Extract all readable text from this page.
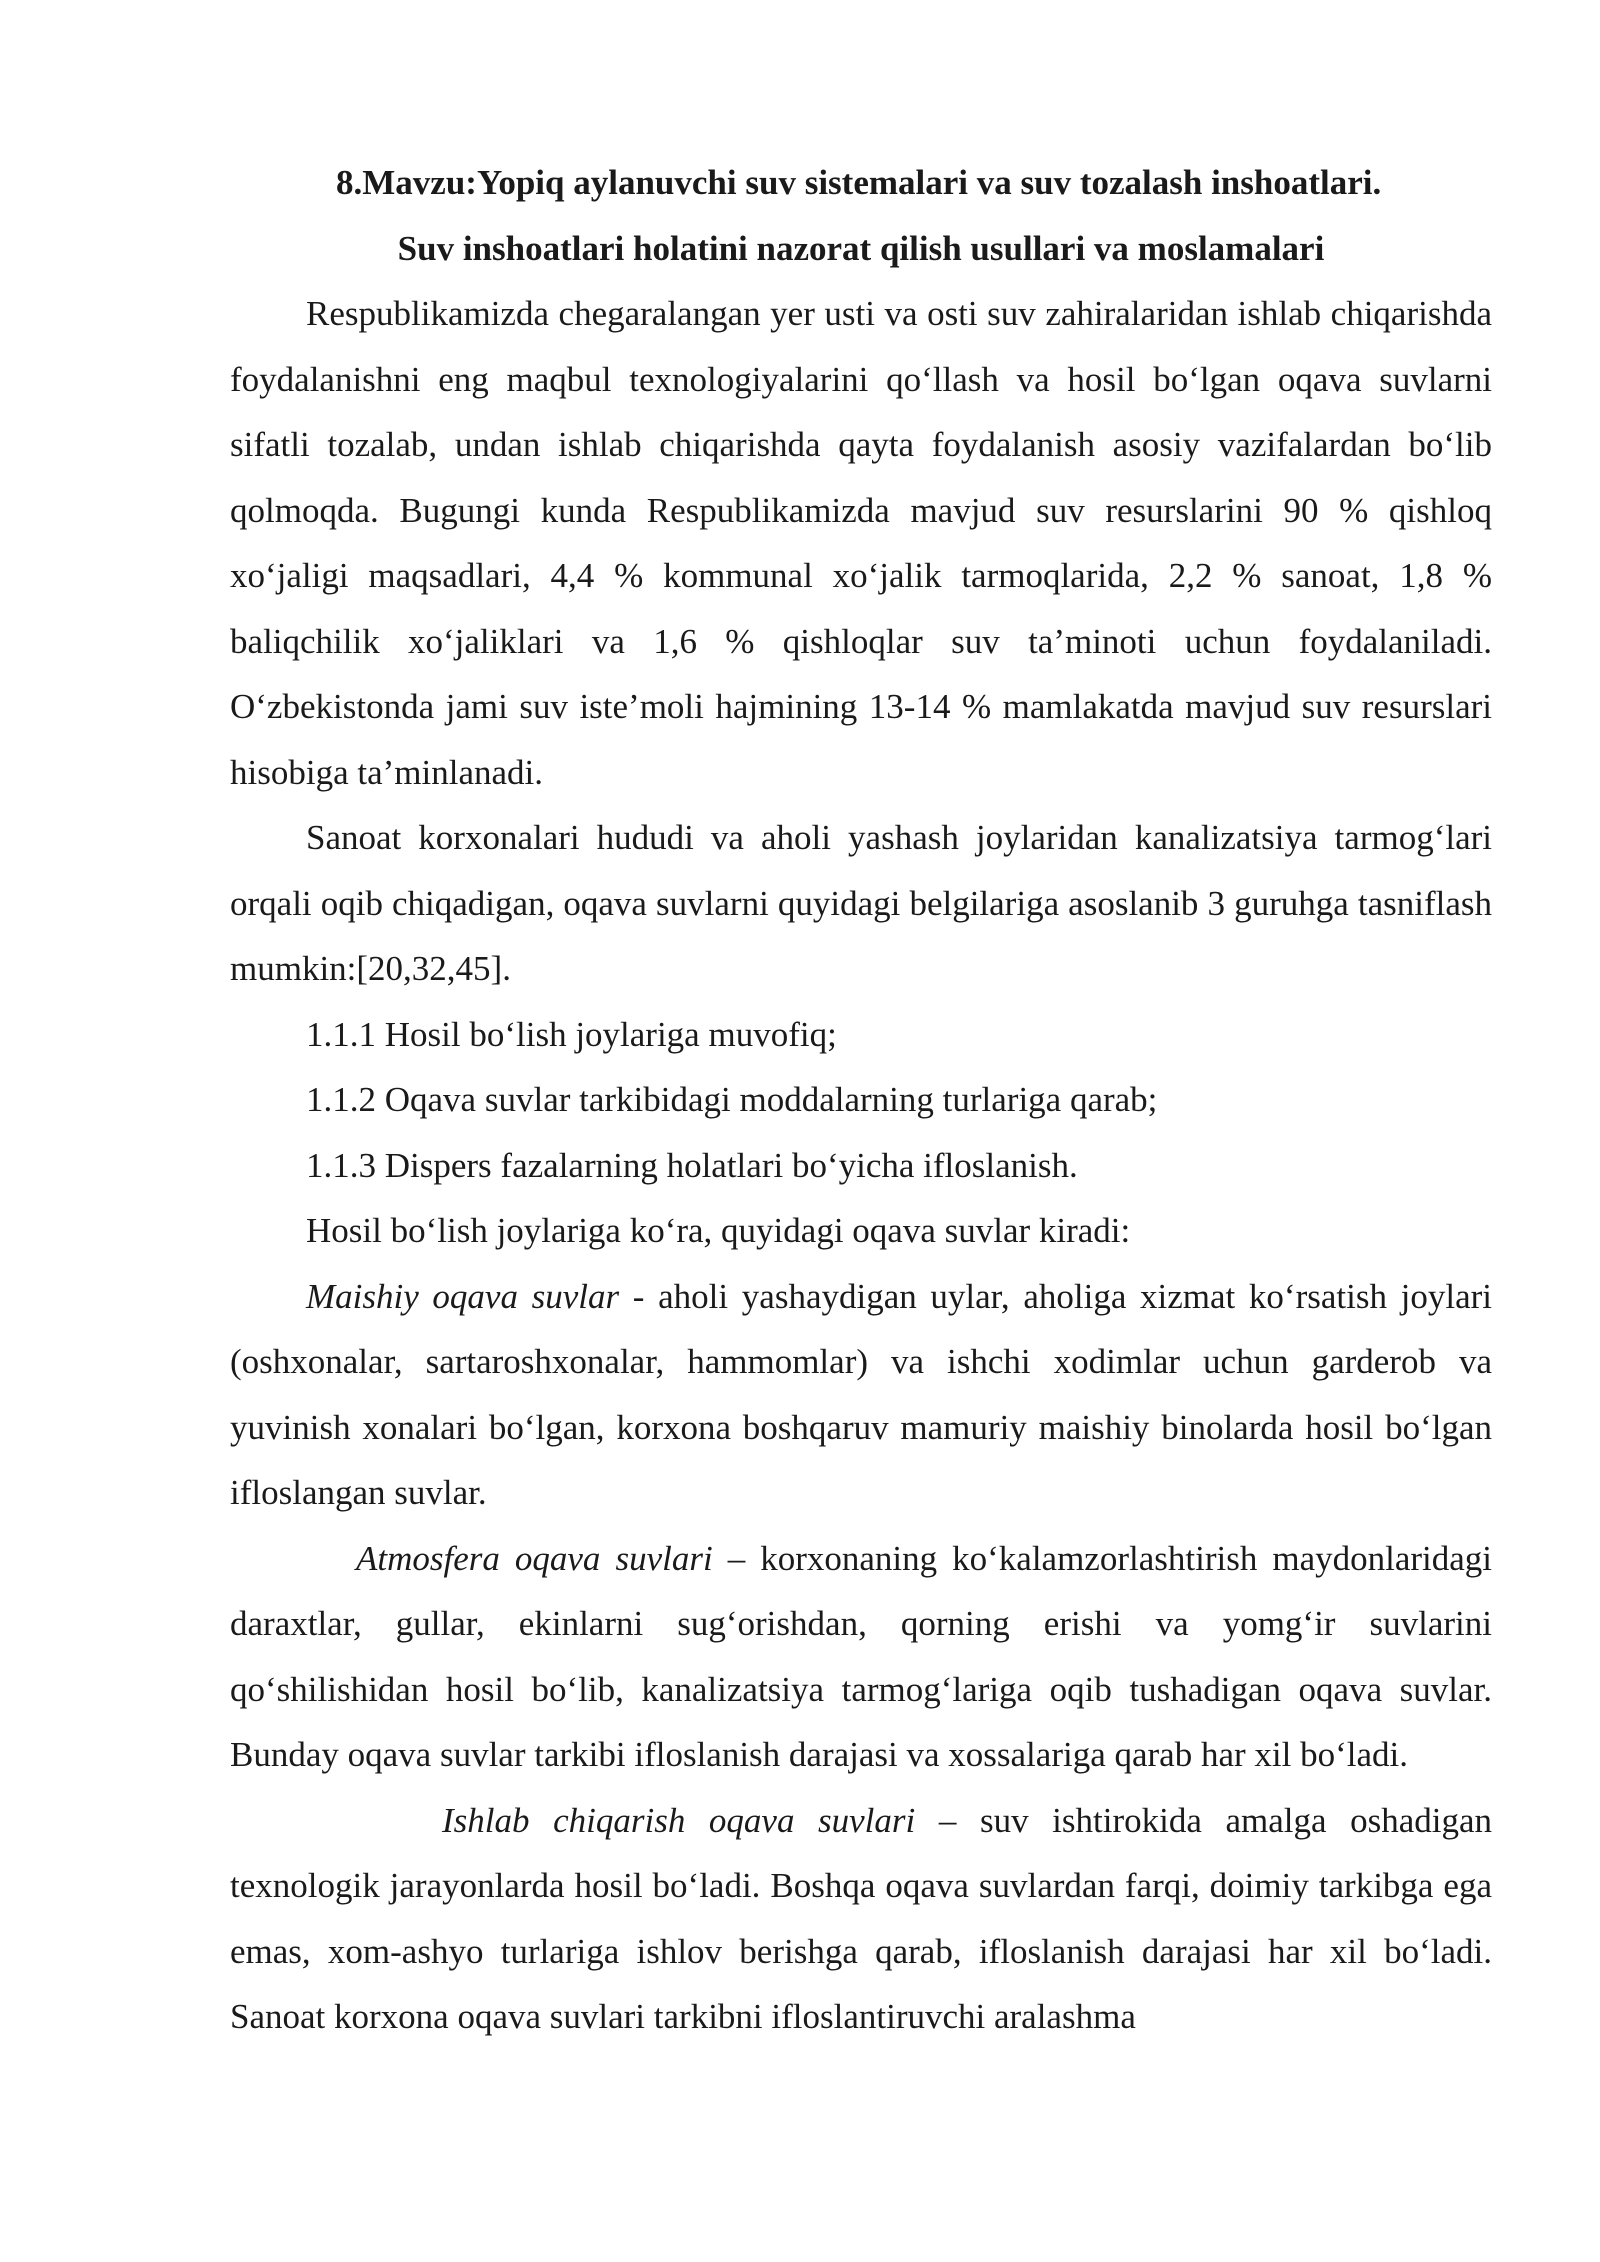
8.Mavzu:Yopiq aylanuvchi suv sistemalari va suv tozalash inshoatlari.

Suv inshoatlari holatini nazorat qilish usullari va moslamalari

Respublikamizda chegaralangan yer usti va osti suv zahiralaridan ishlab chiqarishda foydalanishni eng maqbul texnologiyalarini qo‘llash va hosil bo‘lgan oqava suvlarni sifatli tozalab, undan ishlab chiqarishda qayta foydalanish asosiy vazifalardan bo‘lib qolmoqda. Bugungi kunda Respublikamizda mavjud suv resurslarini 90 % qishloq xo‘jaligi maqsadlari, 4,4 % kommunal xo‘jalik tarmoqlarida, 2,2 % sanoat, 1,8 % baliqchilik xo‘jaliklari va 1,6 % qishloqlar suv ta’minoti uchun foydalaniladi. O‘zbekistonda jami suv iste’moli hajmining 13-14 % mamlakatda mavjud suv resurslari hisobiga ta’minlanadi.

Sanoat korxonalari hududi va aholi yashash joylaridan kanalizatsiya tarmog‘lari orqali oqib chiqadigan, oqava suvlarni quyidagi belgilariga asoslanib 3 guruhga tasniflash mumkin:[20,32,45].

1.1.1 Hosil bo‘lish joylariga muvofiq;

1.1.2 Oqava suvlar tarkibidagi moddalarning turlariga qarab;

1.1.3 Dispers fazalarning holatlari bo‘yicha ifloslanish.

Hosil bo‘lish joylariga ko‘ra, quyidagi oqava suvlar kiradi:

Maishiy oqava suvlar - aholi yashaydigan uylar, aholiga xizmat ko‘rsatish joylari (oshxonalar, sartaroshxonalar, hammomlar) va ishchi xodimlar uchun garderob va yuvinish xonalari bo‘lgan, korxona boshqaruv mamuriy maishiy binolarda hosil bo‘lgan ifloslangan suvlar.

Atmosfera oqava suvlari – korxonaning ko‘kalamzorlashtirish maydonlaridagi daraxtlar, gullar, ekinlarni sug‘orishdan, qorning erishi va yomg‘ir suvlarini qo‘shilishidan hosil bo‘lib, kanalizatsiya tarmog‘lariga oqib tushadigan oqava suvlar. Bunday oqava suvlar tarkibi ifloslanish darajasi va xossalariga qarab har xil bo‘ladi.

Ishlab chiqarish oqava suvlari – suv ishtirokida amalga oshadigan texnologik jarayonlarda hosil bo‘ladi. Boshqa oqava suvlardan farqi, doimiy tarkibga ega emas, xom-ashyo turlariga ishlov berishga qarab, ifloslanish darajasi har xil bo‘ladi. Sanoat korxona oqava suvlari tarkibni ifloslantiruvchi aralashma
